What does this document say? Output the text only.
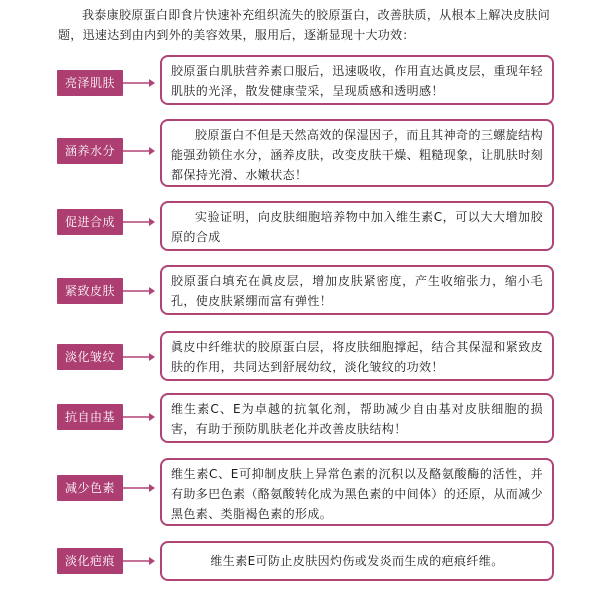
我泰康胶原蛋白即食片快速补充组织流失的胶原蛋白，改善肤质，从根本上解决皮肤问题，迅速达到由内到外的美容效果，服用后，逐渐显现十大功效：

亮泽肌肤
胶原蛋白肌肤营养素口服后，迅速吸收，作用直达眞皮层，重现年轻肌肤的光泽，散发健康莹采，呈现质感和透明感！
涵养水分
胶原蛋白不但是天然高效的保湿因子，而且其神奇的三螺旋结构能强劲锁住水分，涵养皮肤，改变皮肤干燥、粗糙现象，让肌肤时刻都保持光滑、水嫩状态！
促进合成	实验证明，向皮肤细胞培养物中加入维生素C，可以大大增加胶原的合成
紧致皮肤
胶原蛋白填充在眞皮层，增加皮肤紧密度，产生收缩张力，缩小毛孔，使皮肤紧绷而富有弹性！
淡化皱纹
眞皮中纤维状的胶原蛋白层，将皮肤细胞撑起，结合其保湿和紧致皮肤的作用，共同达到舒展幼纹，淡化皱纹的功效！
抗自由基
维生素C、E为卓越的抗氧化剂，帮助减少自由基对皮肤细胞的损害，有助于预防肌肤老化并改善皮肤结构！
减少色素
维生素C、E可抑制皮肤上异常色素的沉积以及酪氨酸酶的活性，并有助多巴色素（酪氨酸转化成为黑色素的中间体）的还原，从而减少黑色素、类脂褐色素的形成。
淡化疤痕	维生素E可防止皮肤因灼伤或发炎而生成的疤痕纤维。
